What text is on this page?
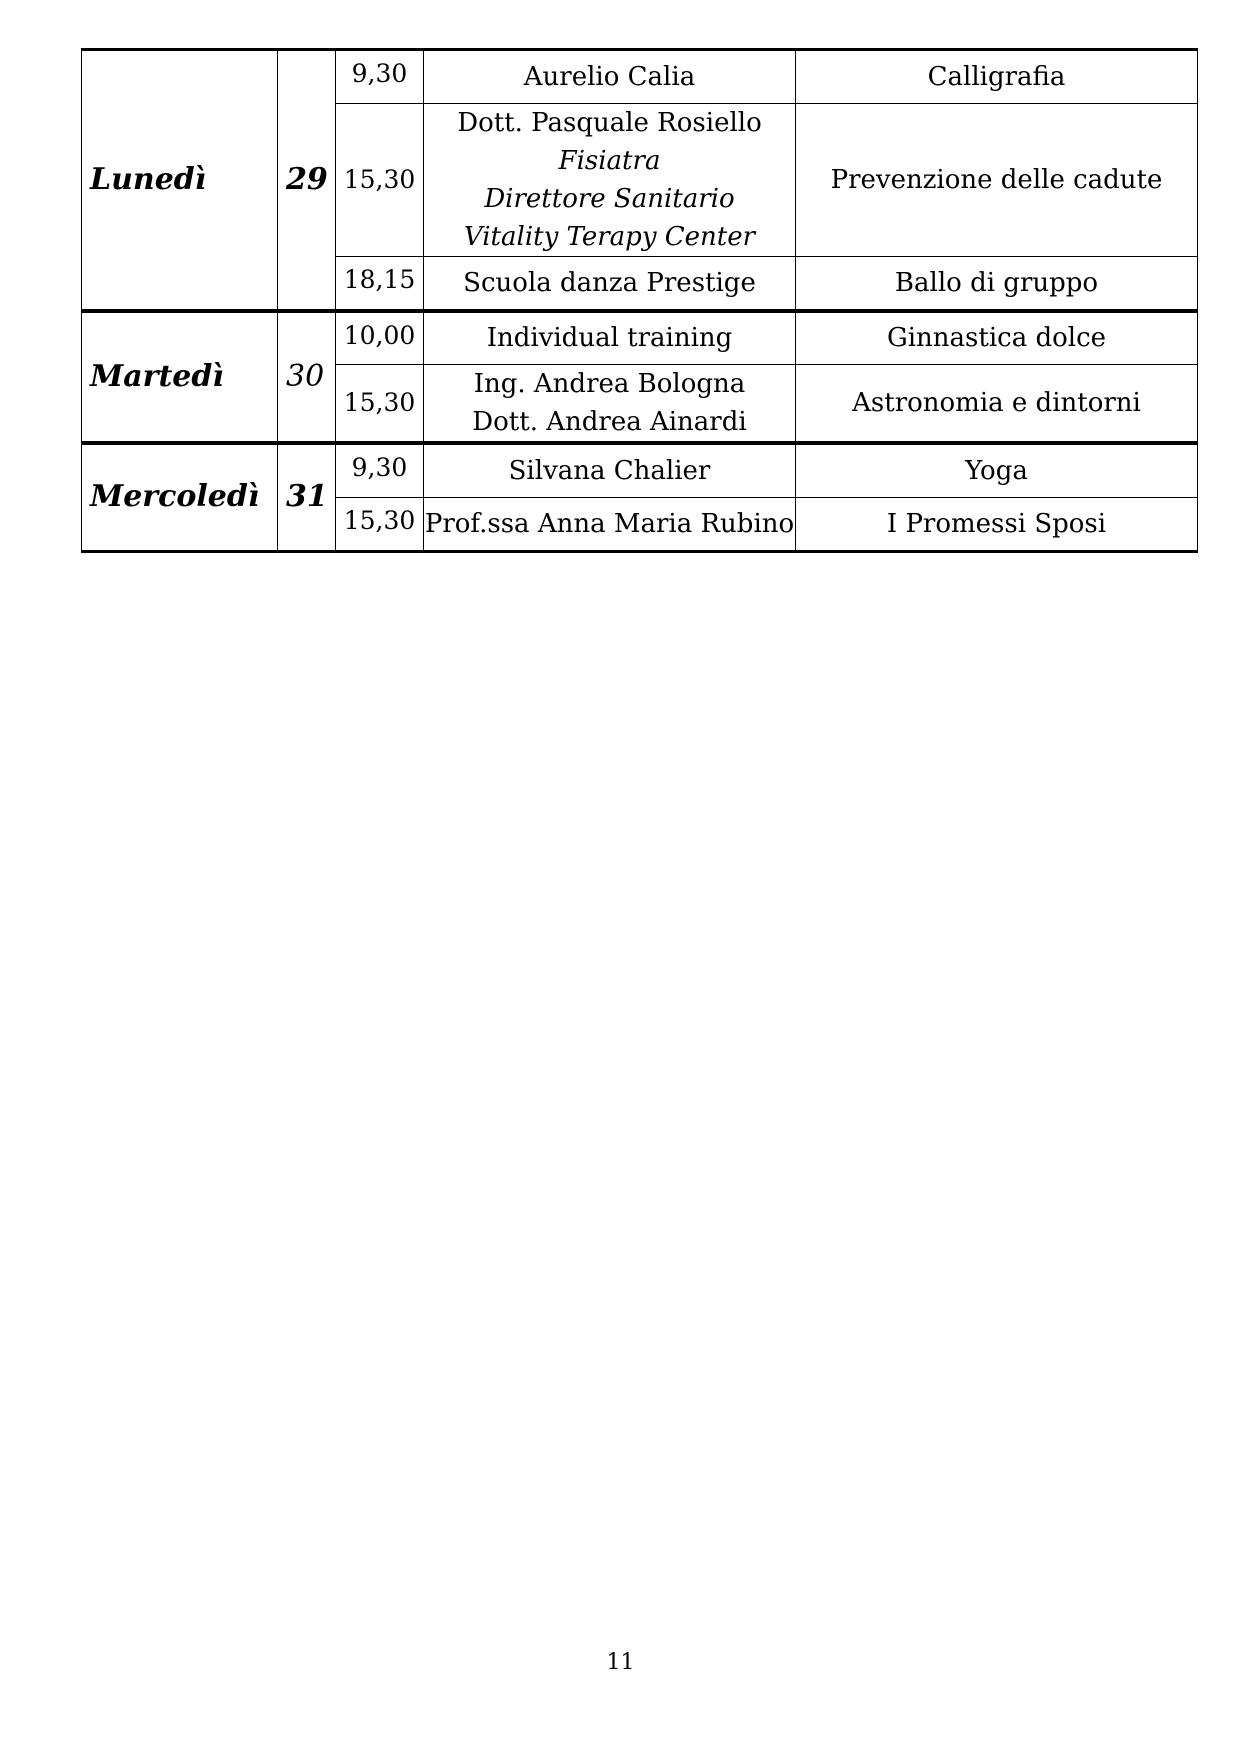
Lunedì	29	9,30	Aurelio Calia	Calligrafia
		15,30	Dott. Pasquale Rosiello
Fisiatra
Direttore Sanitario
Vitality Terapy Center	Prevenzione delle cadute
		18,15	Scuola danza Prestige	Ballo di gruppo
Martedì	30	10,00	Individual training	Ginnastica dolce
		15,30	Ing. Andrea Bologna
Dott. Andrea Ainardi	Astronomia e dintorni
Mercoledì	31	9,30	Silvana Chalier	Yoga
		15,30	Prof.ssa Anna Maria Rubino	I Promessi Sposi
11
